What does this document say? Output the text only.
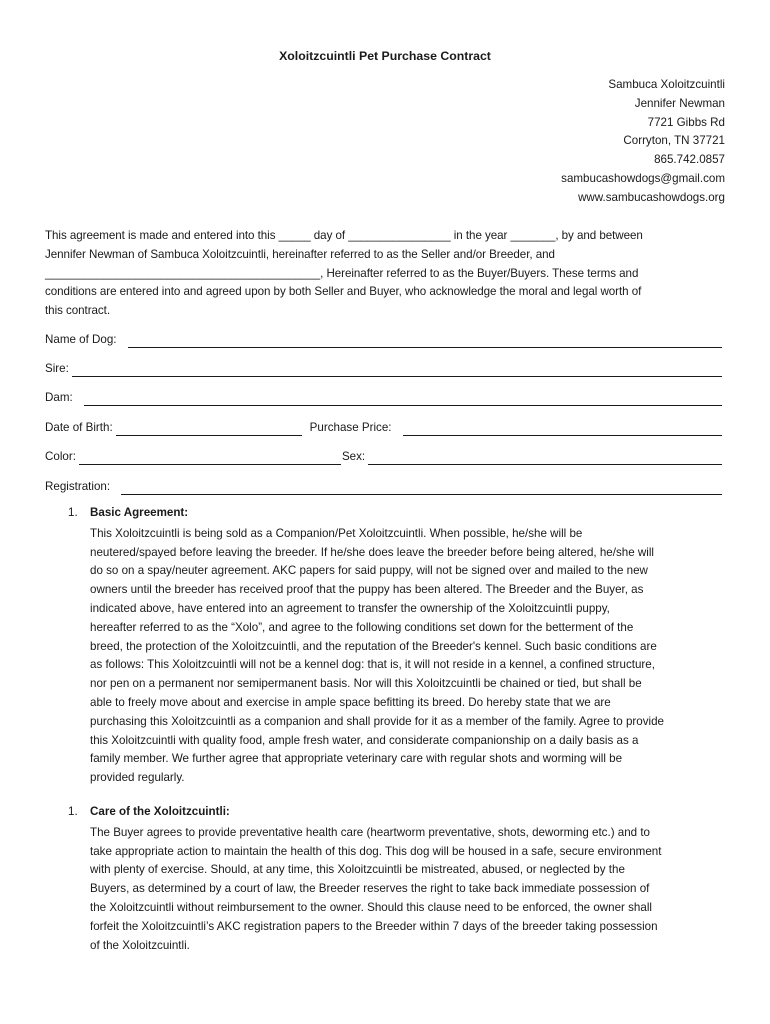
Xoloitzcuintli Pet Purchase Contract
Sambuca Xoloitzcuintli
Jennifer Newman
7721 Gibbs Rd
Corryton, TN 37721
865.742.0857
sambucashowdogs@gmail.com
www.sambucashowdogs.org
This agreement is made and entered into this _____ day of ________________ in the year _______, by and between
Jennifer Newman of Sambuca Xoloitzcuintli, hereinafter referred to as the Seller and/or Breeder, and
___________________________________________, Hereinafter referred to as the Buyer/Buyers. These terms and
conditions are entered into and agreed upon by both Seller and Buyer, who acknowledge the moral and legal worth of
this contract.
Name of Dog:
Sire:
Dam:
Date of Birth:	Purchase Price:
Color:	Sex:
Registration:
1. Basic Agreement:
This Xoloitzcuintli is being sold as a Companion/Pet Xoloitzcuintli. When possible, he/she will be
neutered/spayed before leaving the breeder. If he/she does leave the breeder before being altered, he/she will
do so on a spay/neuter agreement. AKC papers for said puppy, will not be signed over and mailed to the new
owners until the breeder has received proof that the puppy has been altered. The Breeder and the Buyer, as
indicated above, have entered into an agreement to transfer the ownership of the Xoloitzcuintli puppy,
hereafter referred to as the “Xolo”, and agree to the following conditions set down for the betterment of the
breed, the protection of the Xoloitzcuintli, and the reputation of the Breeder's kennel. Such basic conditions are
as follows: This Xoloitzcuintli will not be a kennel dog: that is, it will not reside in a kennel, a confined structure,
nor pen on a permanent nor semipermanent basis. Nor will this Xoloitzcuintli be chained or tied, but shall be
able to freely move about and exercise in ample space befitting its breed. Do hereby state that we are
purchasing this Xoloitzcuintli as a companion and shall provide for it as a member of the family. Agree to provide
this Xoloitzcuintli with quality food, ample fresh water, and considerate companionship on a daily basis as a
family member. We further agree that appropriate veterinary care with regular shots and worming will be
provided regularly.
1. Care of the Xoloitzcuintli:
The Buyer agrees to provide preventative health care (heartworm preventative, shots, deworming etc.) and to
take appropriate action to maintain the health of this dog. This dog will be housed in a safe, secure environment
with plenty of exercise. Should, at any time, this Xoloitzcuintli be mistreated, abused, or neglected by the
Buyers, as determined by a court of law, the Breeder reserves the right to take back immediate possession of
the Xoloitzcuintli without reimbursement to the owner. Should this clause need to be enforced, the owner shall
forfeit the Xoloitzcuintli’s AKC registration papers to the Breeder within 7 days of the breeder taking possession
of the Xoloitzcuintli.
